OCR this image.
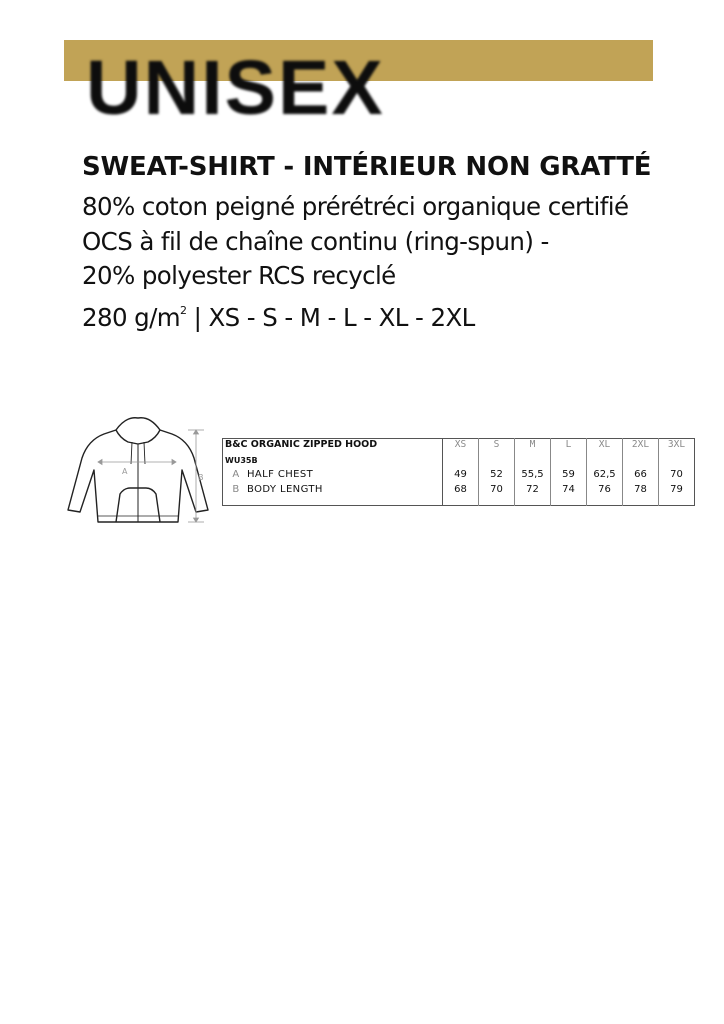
UNISEX
SWEAT-SHIRT - INTÉRIEUR NON GRATTÉ
80% coton peigné prérétréci organique certifié
OCS à fil de chaîne continu (ring-spun) -
20% polyester RCS recyclé
280 $g/m^2$ | XS - S - M - L - XL - 2XL
A
B
B&C ORGANIC ZIPPED HOOD	XS	S	M	L	XL	2XL	3XL
WU35B							
A HALF CHEST	49	52	55,5	59	62,5	66	70
B BODY LENGTH	68	70	72	74	76	78	79
